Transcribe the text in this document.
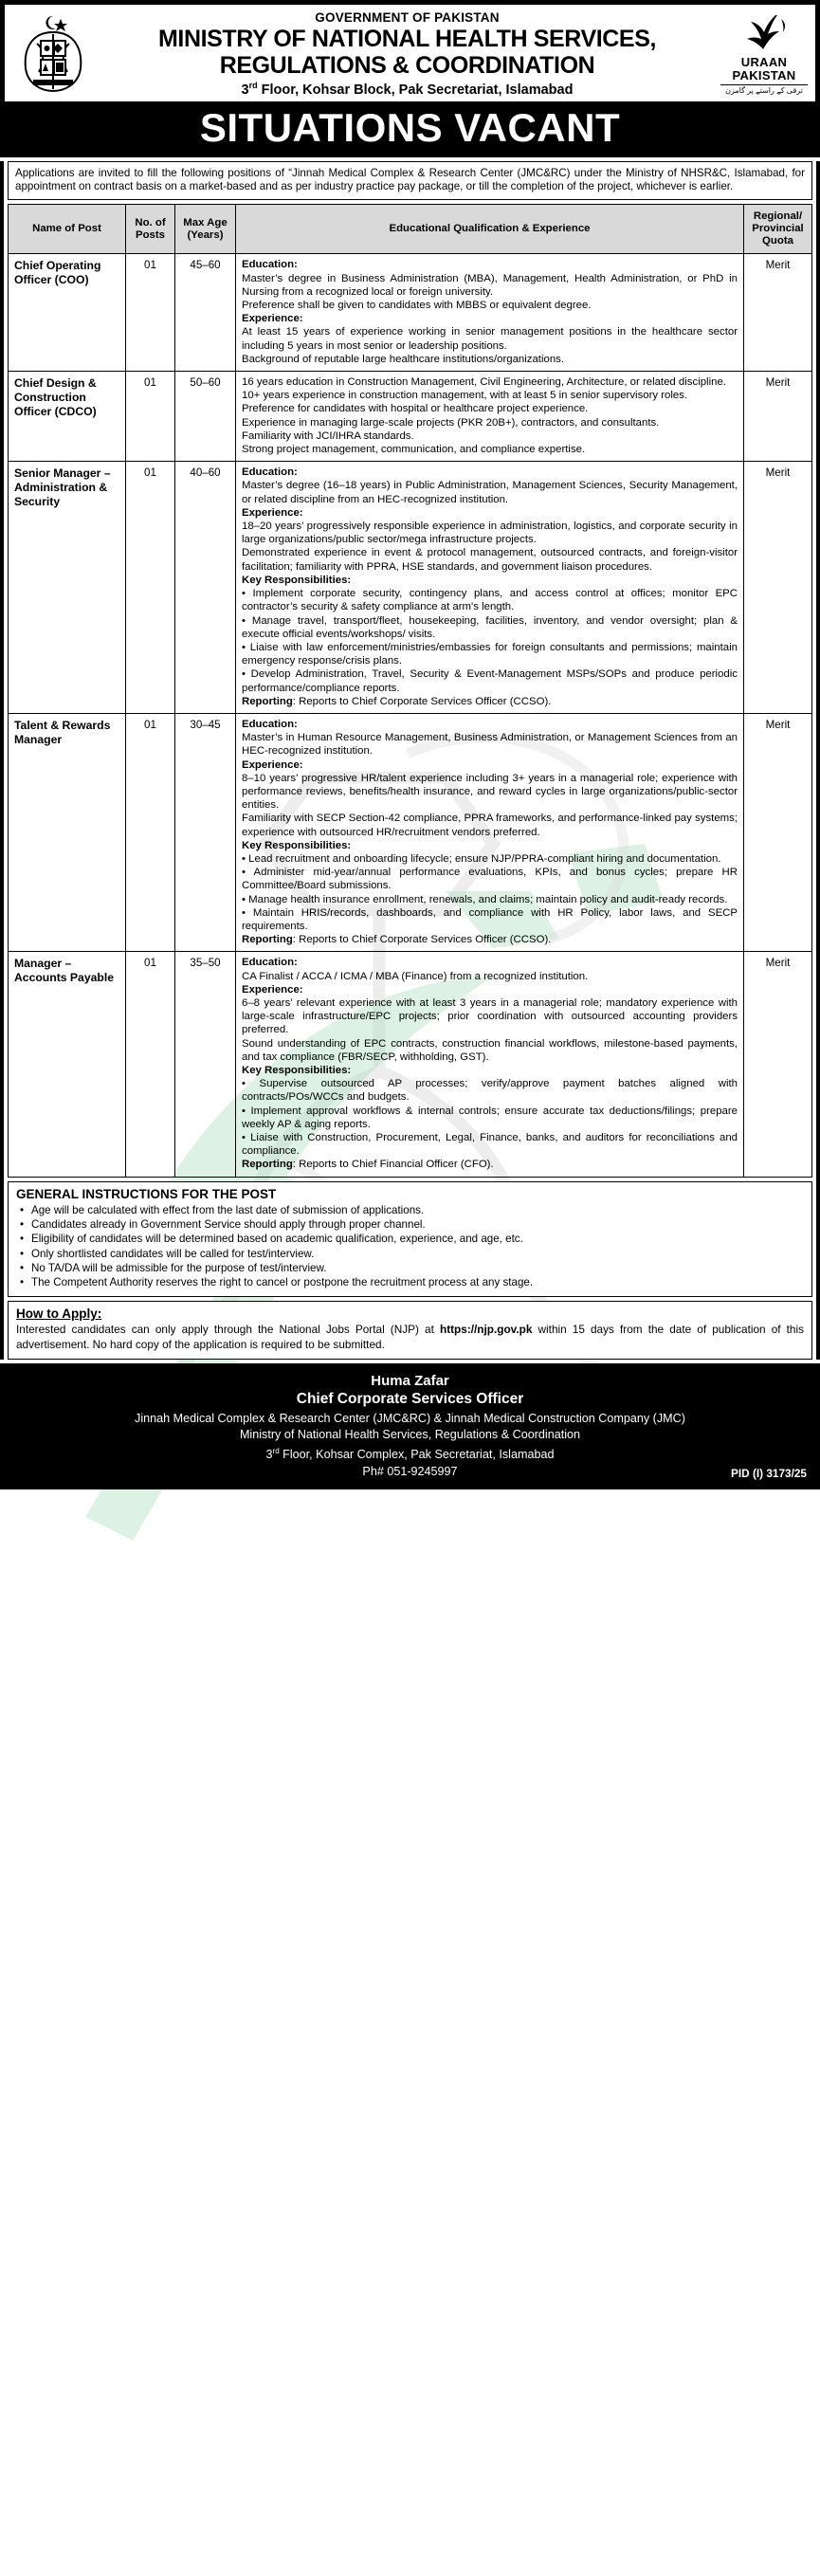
GOVERNMENT OF PAKISTAN
MINISTRY OF NATIONAL HEALTH SERVICES,
REGULATIONS & COORDINATION
3rd Floor, Kohsar Block, Pak Secretariat, Islamabad
URAAN
PAKISTAN
ترقی کے راستے پر گامزن
SITUATIONS VACANT
Applications are invited to fill the following positions of “Jinnah Medical Complex & Research Center (JMC&RC) under the Ministry of NHSR&C, Islamabad, for appointment on contract basis on a market-based and as per industry practice pay package, or till the completion of the project, whichever is earlier.
Name of Post	No. of Posts	Max Age (Years)	Educational Qualification & Experience	Regional/ Provincial Quota
Chief Operating Officer (COO)	01	45–60	Education:

Master’s degree in Business Administration (MBA), Management, Health Administration, or PhD in Nursing from a recognized local or foreign university.

Preference shall be given to candidates with MBBS or equivalent degree.

Experience:

At least 15 years of experience working in senior management positions in the healthcare sector including 5 years in most senior or leadership positions.

Background of reputable large healthcare institutions/organizations.

	Merit
Chief Design & Construction Officer (CDCO)	01	50–60	16 years education in Construction Management, Civil Engineering, Architecture, or related discipline.

10+ years experience in construction management, with at least 5 in senior supervisory roles.

Preference for candidates with hospital or healthcare project experience.

Experience in managing large-scale projects (PKR 20B+), contractors, and consultants.

Familiarity with JCI/IHRA standards.

Strong project management, communication, and compliance expertise.

	Merit
Senior Manager – Administration & Security	01	40–60	Education:

Master’s degree (16–18 years) in Public Administration, Management Sciences, Security Management, or related discipline from an HEC-recognized institution.

Experience:

18–20 years’ progressively responsible experience in administration, logistics, and corporate security in large organizations/public sector/mega infrastructure projects.

Demonstrated experience in event & protocol management, outsourced contracts, and foreign-visitor facilitation; familiarity with PPRA, HSE standards, and government liaison procedures.

Key Responsibilities:

• Implement corporate security, contingency plans, and access control at offices; monitor EPC contractor’s security & safety compliance at arm's length.

• Manage travel, transport/fleet, housekeeping, facilities, inventory, and vendor oversight; plan & execute official events/workshops/ visits.

• Liaise with law enforcement/ministries/embassies for foreign consultants and permissions; maintain emergency response/crisis plans.

• Develop Administration, Travel, Security & Event-Management MSPs/SOPs and produce periodic performance/compliance reports.

Reporting: Reports to Chief Corporate Services Officer (CCSO).

	Merit
Talent & Rewards Manager	01	30–45	Education:

Master’s in Human Resource Management, Business Administration, or Management Sciences from an HEC-recognized institution.

Experience:

8–10 years’ progressive HR/talent experience including 3+ years in a managerial role; experience with performance reviews, benefits/health insurance, and reward cycles in large organizations/public-sector entities.

Familiarity with SECP Section-42 compliance, PPRA frameworks, and performance-linked pay systems; experience with outsourced HR/recruitment vendors preferred.

Key Responsibilities:

• Lead recruitment and onboarding lifecycle; ensure NJP/PPRA-compliant hiring and documentation.

• Administer mid-year/annual performance evaluations, KPIs, and bonus cycles; prepare HR Committee/Board submissions.

• Manage health insurance enrollment, renewals, and claims; maintain policy and audit-ready records.

• Maintain HRIS/records, dashboards, and compliance with HR Policy, labor laws, and SECP requirements.

Reporting: Reports to Chief Corporate Services Officer (CCSO).

	Merit
Manager – Accounts Payable	01	35–50	Education:

CA Finalist / ACCA / ICMA / MBA (Finance) from a recognized institution.

Experience:

6–8 years’ relevant experience with at least 3 years in a managerial role; mandatory experience with large-scale infrastructure/EPC projects; prior coordination with outsourced accounting providers preferred.

Sound understanding of EPC contracts, construction financial workflows, milestone-based payments, and tax compliance (FBR/SECP, withholding, GST).

Key Responsibilities:

• Supervise outsourced AP processes; verify/approve payment batches aligned with contracts/POs/WCCs and budgets.

• Implement approval workflows & internal controls; ensure accurate tax deductions/filings; prepare weekly AP & aging reports.

• Liaise with Construction, Procurement, Legal, Finance, banks, and auditors for reconciliations and compliance.

Reporting: Reports to Chief Financial Officer (CFO).

	Merit
GENERAL INSTRUCTIONS FOR THE POST
• Age will be calculated with effect from the last date of submission of applications.
• Candidates already in Government Service should apply through proper channel.
• Eligibility of candidates will be determined based on academic qualification, experience, and age, etc.
• Only shortlisted candidates will be called for test/interview.
• No TA/DA will be admissible for the purpose of test/interview.
• The Competent Authority reserves the right to cancel or postpone the recruitment process at any stage.
How to Apply:

Interested candidates can only apply through the National Jobs Portal (NJP) at https://njp.gov.pk within 15 days from the date of publication of this advertisement. No hard copy of the application is required to be submitted.

Huma Zafar
Chief Corporate Services Officer
Jinnah Medical Complex & Research Center (JMC&RC) & Jinnah Medical Construction Company (JMC)
Ministry of National Health Services, Regulations & Coordination
3rd Floor, Kohsar Complex, Pak Secretariat, Islamabad
Ph# 051-9245997	PID (I) 3173/25
